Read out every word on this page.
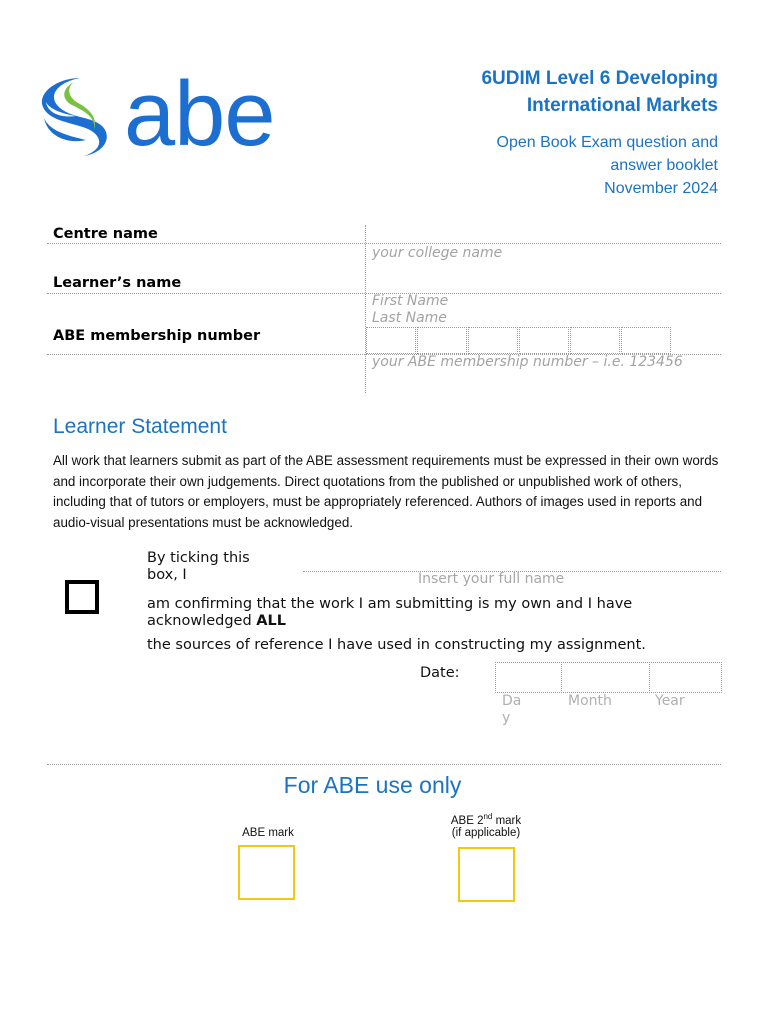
abe	6UDIM Level 6 Developing
International Markets
Open Book Exam question and
answer booklet
November 2024
Centre name
your college name
Learner’s name
First Name
Last Name
ABE membership number
your ABE membership number – i.e. 123456
Learner Statement
All work that learners submit as part of the ABE assessment requirements must be expressed in their own words and incorporate their own judgements. Direct quotations from the published or unpublished work of others, including that of tutors or employers, must be appropriately referenced. Authors of images used in reports and audio-visual presentations must be acknowledged.
By ticking this
box, I	Insert your full name
am confirming that the work I am submitting is my own and I have acknowledged ALL
the sources of reference I have used in constructing my assignment.
Date:
Day
Month	Year
For ABE use only
ABE mark
ABE 2nd mark
(if applicable)
